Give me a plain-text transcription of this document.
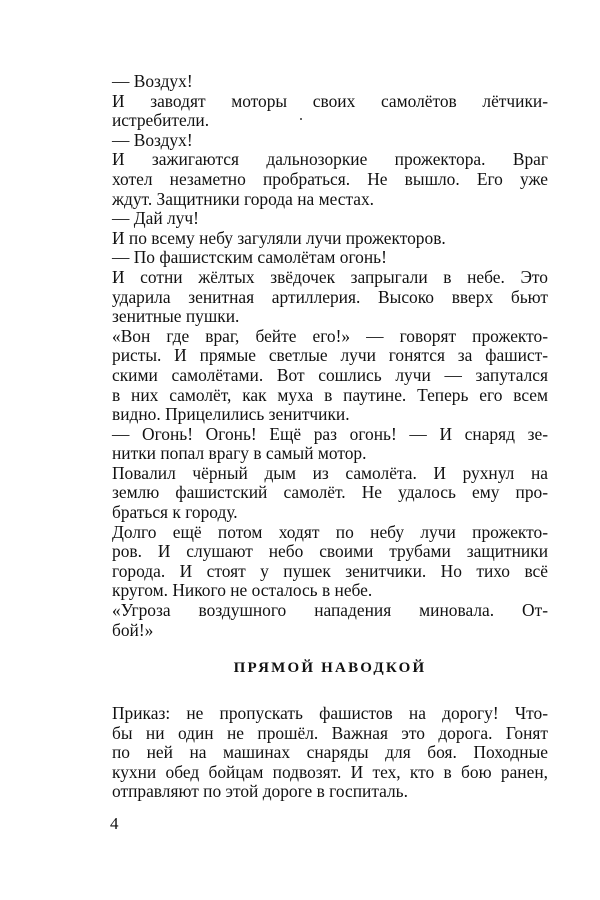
— Воздух!
И заводят моторы своих самолётов лётчики-
истребители.
— Воздух!
И зажигаются дальнозоркие прожектора. Враг
хотел незаметно пробраться. Не вышло. Его уже
ждут. Защитники города на местах.
— Дай луч!
И по всему небу загуляли лучи прожекторов.
— По фашистским самолётам огонь!
И сотни жёлтых звёдочек запрыгали в небе. Это
ударила зенитная артиллерия. Высоко вверх бьют
зенитные пушки.
«Вон где враг, бейте его!» — говорят прожекто-
ристы. И прямые светлые лучи гонятся за фашист-
скими самолётами. Вот сошлись лучи — запутался
в них самолёт, как муха в паутине. Теперь его всем
видно. Прицелились зенитчики.
— Огонь! Огонь! Ещё раз огонь! — И снаряд зе-
нитки попал врагу в самый мотор.
Повалил чёрный дым из самолёта. И рухнул на
землю фашистский самолёт. Не удалось ему про-
браться к городу.
Долго ещё потом ходят по небу лучи прожекто-
ров. И слушают небо своими трубами защитники
города. И стоят у пушек зенитчики. Но тихо всё
кругом. Никого не осталось в небе.
«Угроза воздушного нападения миновала. От-
бой!»
ПРЯМОЙ НАВОДКОЙ
Приказ: не пропускать фашистов на дорогу! Что-
бы ни один не прошёл. Важная это дорога. Гонят
по ней на машинах снаряды для боя. Походные
кухни обед бойцам подвозят. И тех, кто в бою ранен,
отправляют по этой дороге в госпиталь.
4
